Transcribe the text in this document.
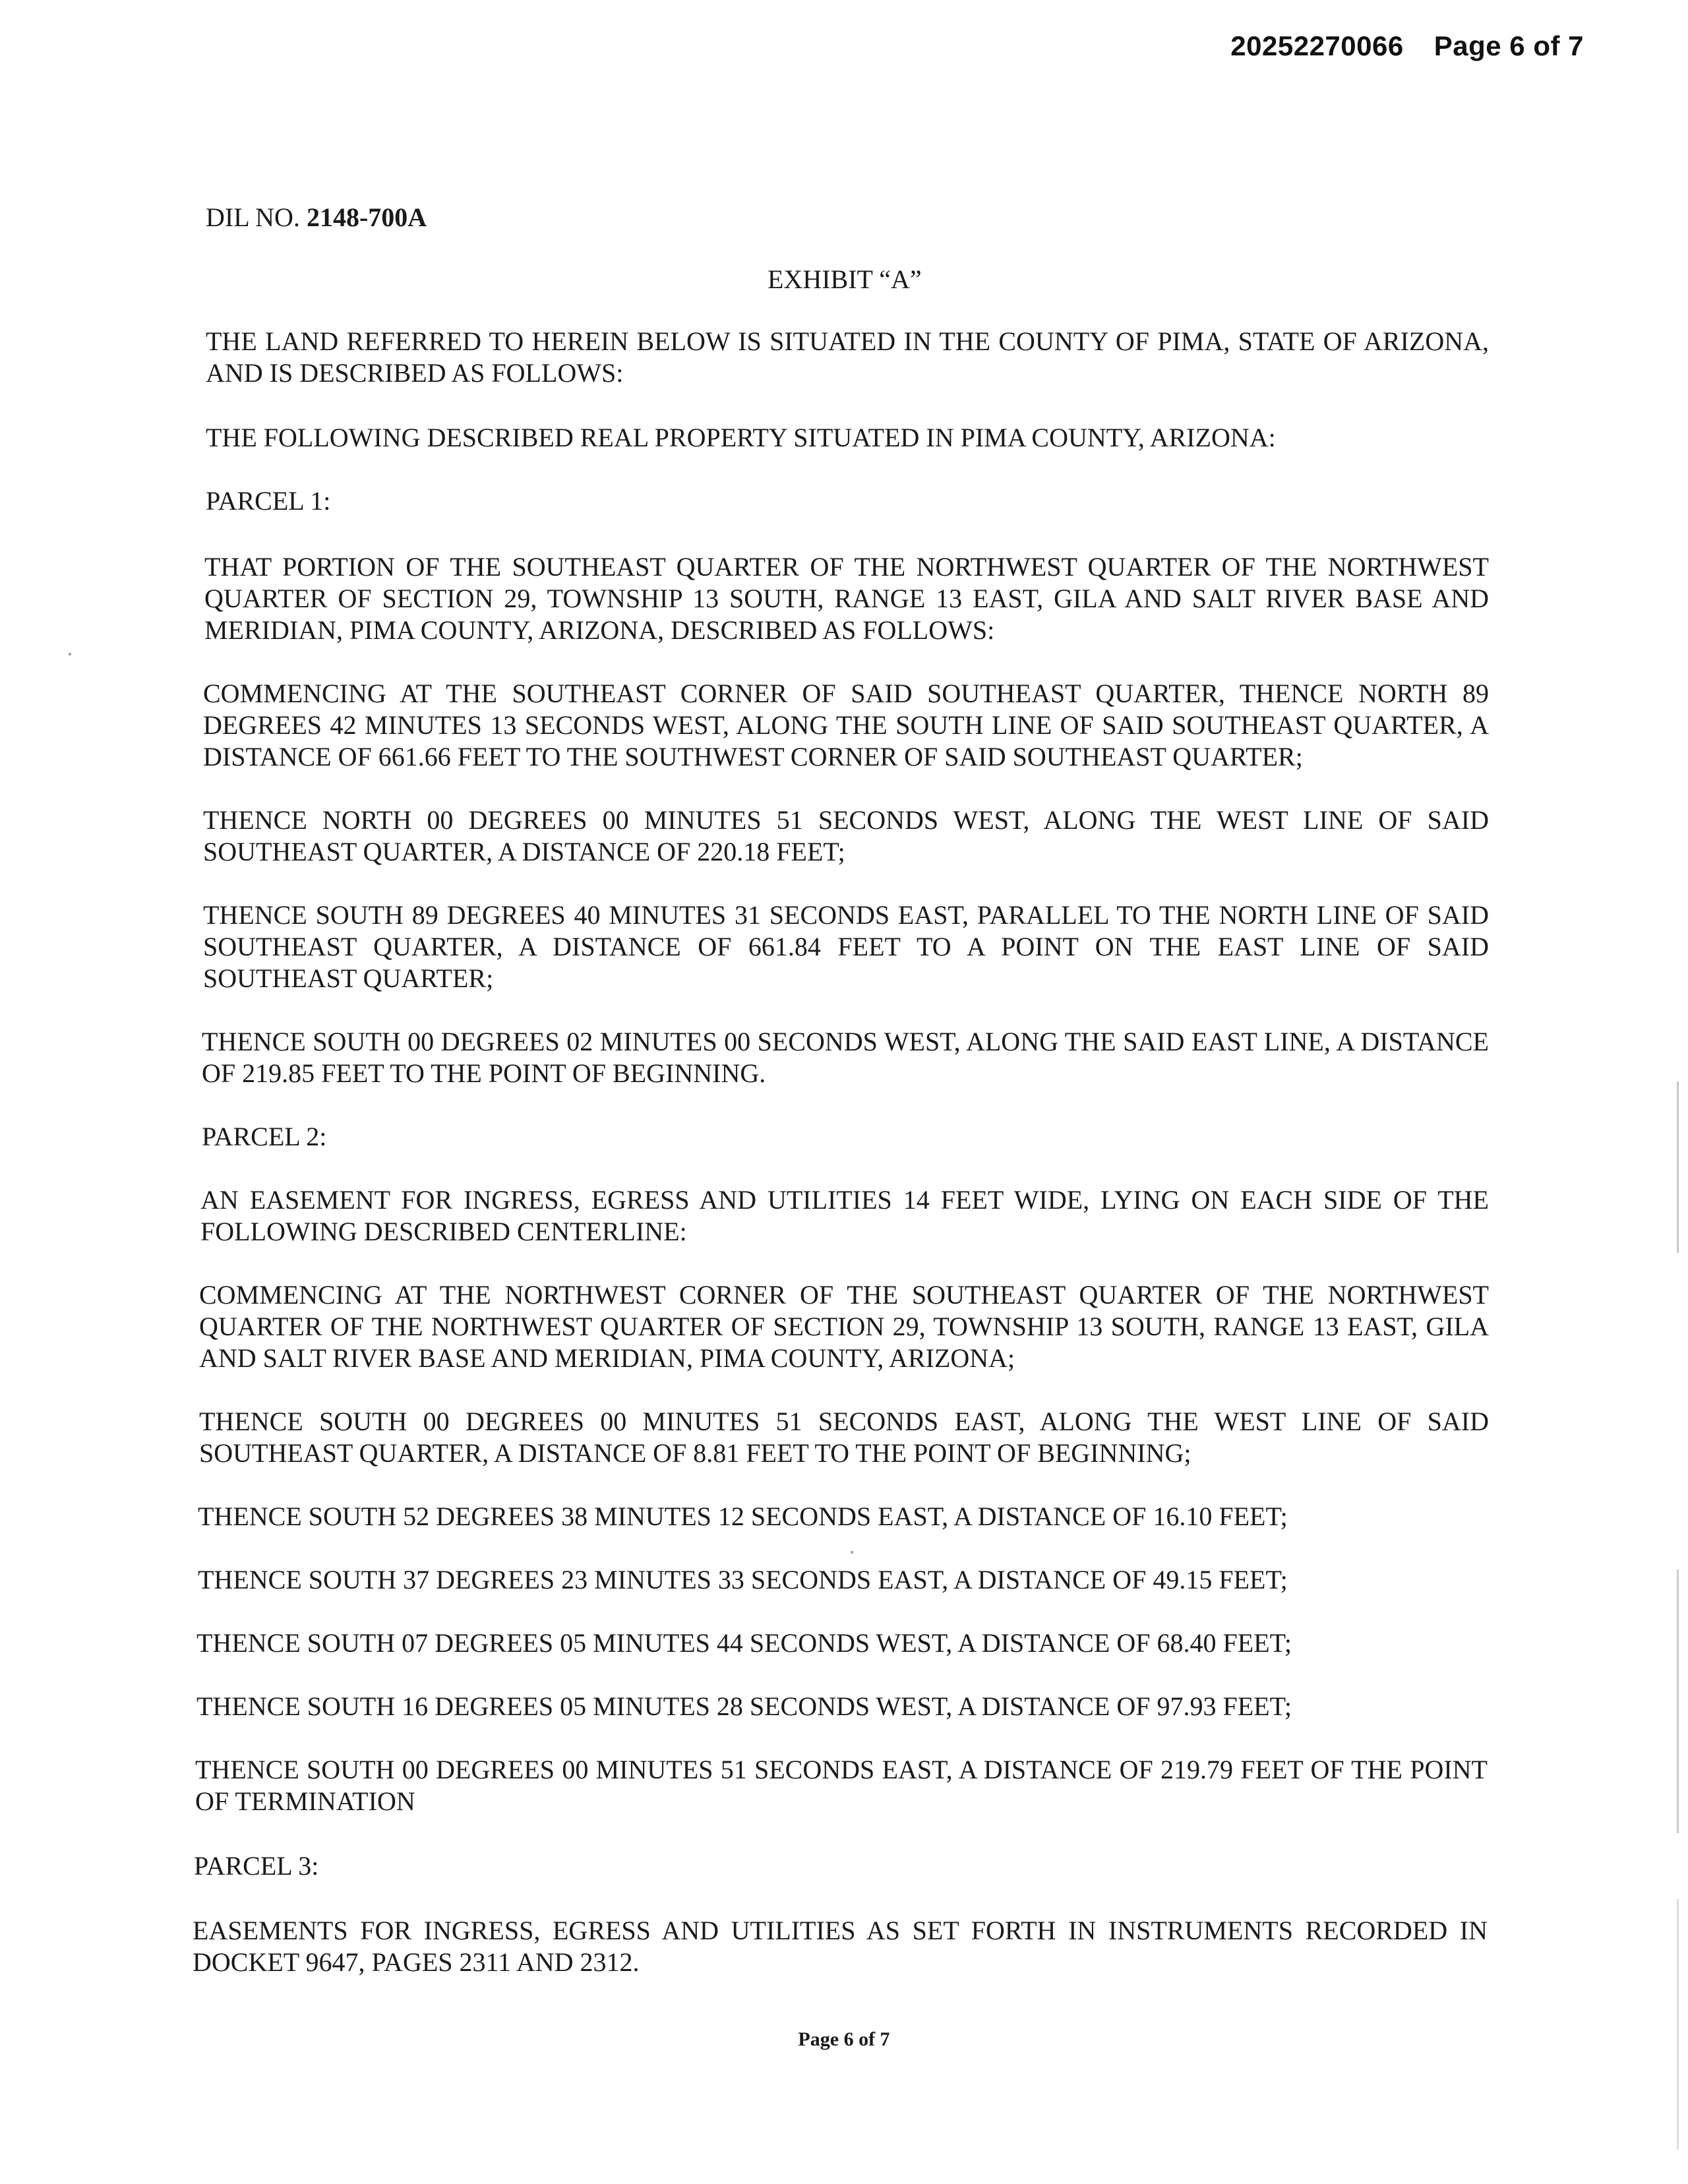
20252270066 Page 6 of 7
DIL NO. 2148-700A
EXHIBIT “A”

THE LAND REFERRED TO HEREIN BELOW IS SITUATED IN THE COUNTY OF PIMA, STATE OF ARIZONA, AND IS DESCRIBED AS FOLLOWS:

THE FOLLOWING DESCRIBED REAL PROPERTY SITUATED IN PIMA COUNTY, ARIZONA:

PARCEL 1:

THAT PORTION OF THE SOUTHEAST QUARTER OF THE NORTHWEST QUARTER OF THE NORTHWEST QUARTER OF SECTION 29, TOWNSHIP 13 SOUTH, RANGE 13 EAST, GILA AND SALT RIVER BASE AND MERIDIAN, PIMA COUNTY, ARIZONA, DESCRIBED AS FOLLOWS:

COMMENCING AT THE SOUTHEAST CORNER OF SAID SOUTHEAST QUARTER, THENCE NORTH 89 DEGREES 42 MINUTES 13 SECONDS WEST, ALONG THE SOUTH LINE OF SAID SOUTHEAST QUARTER, A DISTANCE OF 661.66 FEET TO THE SOUTHWEST CORNER OF SAID SOUTHEAST QUARTER;

THENCE NORTH 00 DEGREES 00 MINUTES 51 SECONDS WEST, ALONG THE WEST LINE OF SAID SOUTHEAST QUARTER, A DISTANCE OF 220.18 FEET;

THENCE SOUTH 89 DEGREES 40 MINUTES 31 SECONDS EAST, PARALLEL TO THE NORTH LINE OF SAID SOUTHEAST QUARTER, A DISTANCE OF 661.84 FEET TO A POINT ON THE EAST LINE OF SAID SOUTHEAST QUARTER;

THENCE SOUTH 00 DEGREES 02 MINUTES 00 SECONDS WEST, ALONG THE SAID EAST LINE, A DISTANCE OF 219.85 FEET TO THE POINT OF BEGINNING.

PARCEL 2:

AN EASEMENT FOR INGRESS, EGRESS AND UTILITIES 14 FEET WIDE, LYING ON EACH SIDE OF THE FOLLOWING DESCRIBED CENTERLINE:

COMMENCING AT THE NORTHWEST CORNER OF THE SOUTHEAST QUARTER OF THE NORTHWEST QUARTER OF THE NORTHWEST QUARTER OF SECTION 29, TOWNSHIP 13 SOUTH, RANGE 13 EAST, GILA AND SALT RIVER BASE AND MERIDIAN, PIMA COUNTY, ARIZONA;

THENCE SOUTH 00 DEGREES 00 MINUTES 51 SECONDS EAST, ALONG THE WEST LINE OF SAID SOUTHEAST QUARTER, A DISTANCE OF 8.81 FEET TO THE POINT OF BEGINNING;

THENCE SOUTH 52 DEGREES 38 MINUTES 12 SECONDS EAST, A DISTANCE OF 16.10 FEET;

THENCE SOUTH 37 DEGREES 23 MINUTES 33 SECONDS EAST, A DISTANCE OF 49.15 FEET;

THENCE SOUTH 07 DEGREES 05 MINUTES 44 SECONDS WEST, A DISTANCE OF 68.40 FEET;

THENCE SOUTH 16 DEGREES 05 MINUTES 28 SECONDS WEST, A DISTANCE OF 97.93 FEET;

THENCE SOUTH 00 DEGREES 00 MINUTES 51 SECONDS EAST, A DISTANCE OF 219.79 FEET OF THE POINT OF TERMINATION

PARCEL 3:

EASEMENTS FOR INGRESS, EGRESS AND UTILITIES AS SET FORTH IN INSTRUMENTS RECORDED IN DOCKET 9647, PAGES 2311 AND 2312.

Page 6 of 7
